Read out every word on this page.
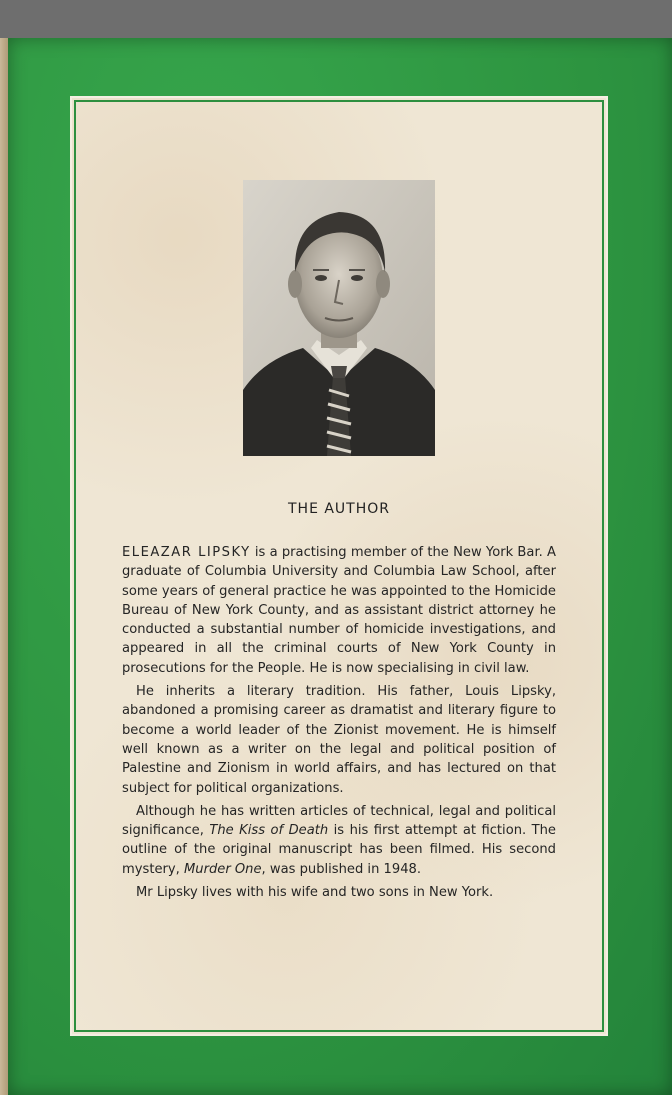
THE AUTHOR

ELEAZAR LIPSKY is a practising member of the New York Bar. A graduate of Columbia University and Columbia Law School, after some years of general practice he was appointed to the Homicide Bureau of New York County, and as assistant district attorney he conducted a substantial number of homicide investigations, and appeared in all the criminal courts of New York County in prosecutions for the People. He is now specialising in civil law.

He inherits a literary tradition. His father, Louis Lipsky, abandoned a promising career as dramatist and literary figure to become a world leader of the Zionist movement. He is himself well known as a writer on the legal and political position of Palestine and Zionism in world affairs, and has lectured on that subject for political organizations.

Although he has written articles of technical, legal and political significance, The Kiss of Death is his first attempt at fiction. The outline of the original manuscript has been filmed. His second mystery, Murder One, was published in 1948.

Mr Lipsky lives with his wife and two sons in New York.
